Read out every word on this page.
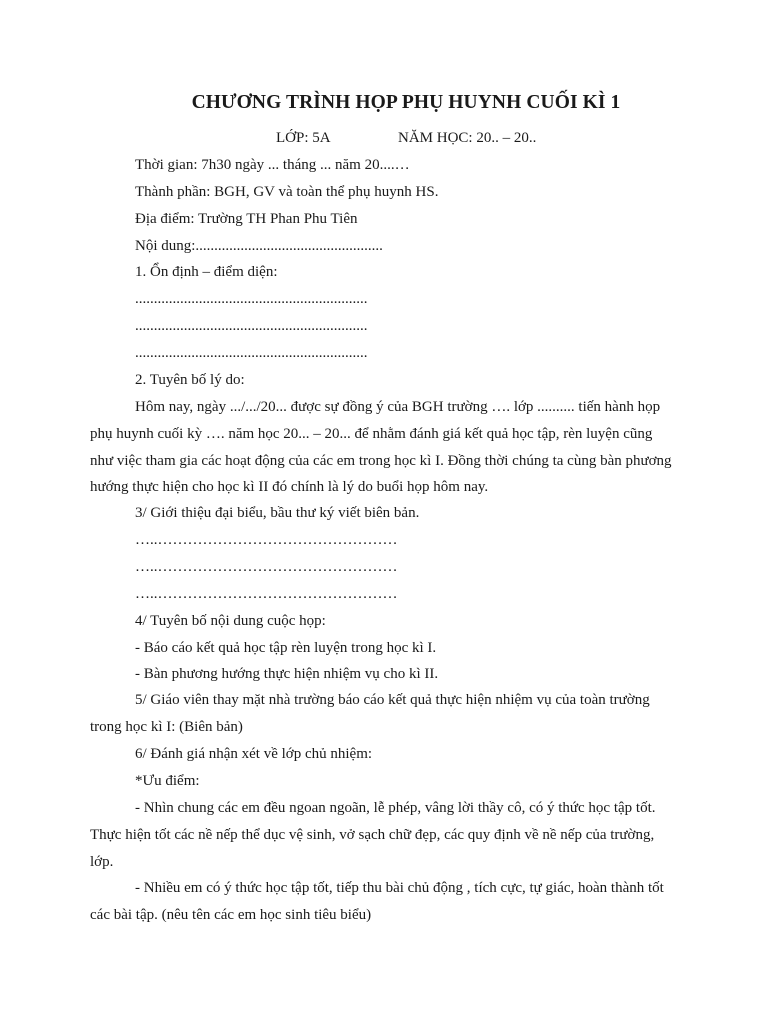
CHƯƠNG TRÌNH HỌP PHỤ HUYNH CUỐI KÌ 1
LỚP: 5A	NĂM HỌC: 20.. – 20..
Thời gian: 7h30 ngày ... tháng ... năm 20....…
Thành phần: BGH, GV và toàn thể phụ huynh HS.
Địa điểm: Trường TH Phan Phu Tiên
Nội dung:..................................................
1. Ổn định – điểm diện:
..............................................................
..............................................................
..............................................................
2. Tuyên bố lý do:
Hôm nay, ngày .../.../20... được sự đồng ý của BGH trường …. lớp .......... tiến hành họp
phụ huynh cuối kỳ …. năm học 20... – 20... để nhằm đánh giá kết quả học tập, rèn luyện cũng
như việc tham gia các hoạt động của các em trong học kì I. Đồng thời chúng ta cùng bàn phương
hướng thực hiện cho học kì II đó chính là lý do buổi họp hôm nay.
3/ Giới thiệu đại biểu, bầu thư ký viết biên bản.
…..…………………………………………
…..…………………………………………
…..…………………………………………
4/ Tuyên bố nội dung cuộc họp:
- Báo cáo kết quả học tập rèn luyện trong học kì I.
- Bàn phương hướng thực hiện nhiệm vụ cho kì II.
5/ Giáo viên thay mặt nhà trường báo cáo kết quả thực hiện nhiệm vụ của toàn trường
trong học kì I: (Biên bản)
6/ Đánh giá nhận xét về lớp chủ nhiệm:
*Ưu điểm:
- Nhìn chung các em đều ngoan ngoãn, lễ phép, vâng lời thầy cô, có ý thức học tập tốt.
Thực hiện tốt các nề nếp thể dục vệ sinh, vở sạch chữ đẹp, các quy định về nề nếp của trường,
lớp.
- Nhiều em có ý thức học tập tốt, tiếp thu bài chủ động , tích cực, tự giác, hoàn thành tốt
các bài tập. (nêu tên các em học sinh tiêu biểu)
